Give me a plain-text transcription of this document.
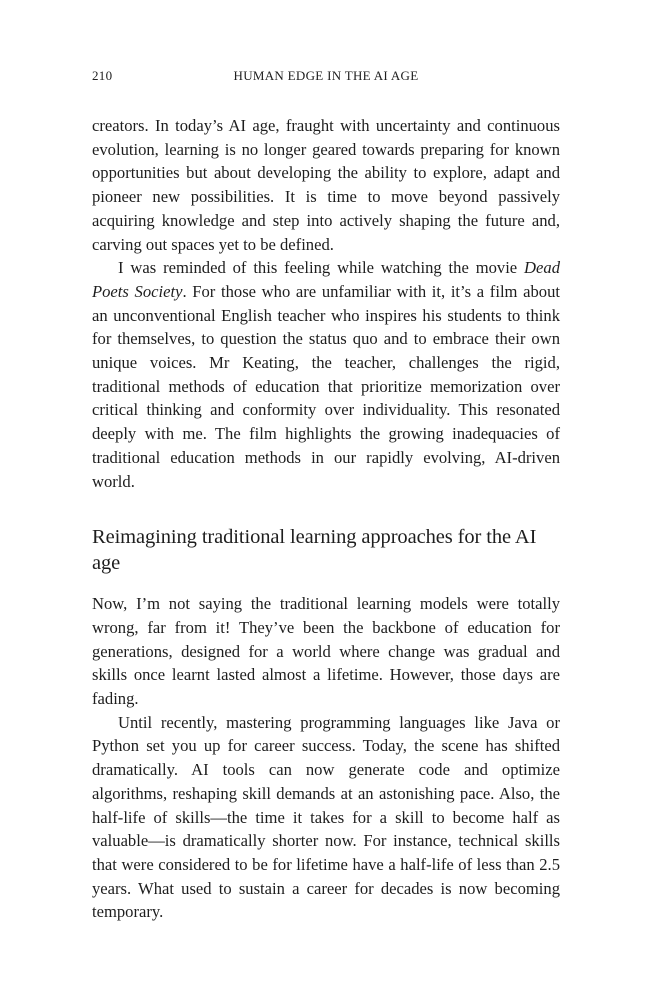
210	HUMAN EDGE IN THE AI AGE

creators. In today’s AI age, fraught with uncertainty and continuous evolution, learning is no longer geared towards preparing for known opportunities but about developing the ability to explore, adapt and pioneer new possibilities. It is time to move beyond passively acquiring knowledge and step into actively shaping the future and, carving out spaces yet to be defined.

I was reminded of this feeling while watching the movie Dead Poets Society. For those who are unfamiliar with it, it’s a film about an unconventional English teacher who inspires his students to think for themselves, to question the status quo and to embrace their own unique voices. Mr Keating, the teacher, challenges the rigid, traditional methods of education that prioritize memorization over critical thinking and conformity over individuality. This resonated deeply with me. The film highlights the growing inadequacies of traditional education methods in our rapidly evolving, AI-driven world.

Reimagining traditional learning approaches for the AI age

Now, I’m not saying the traditional learning models were totally wrong, far from it! They’ve been the backbone of education for generations, designed for a world where change was gradual and skills once learnt lasted almost a lifetime. However, those days are fading.

Until recently, mastering programming languages like Java or Python set you up for career success. Today, the scene has shifted dramatically. AI tools can now generate code and optimize algorithms, reshaping skill demands at an astonishing pace. Also, the half-life of skills—the time it takes for a skill to become half as valuable—is dramatically shorter now. For instance, technical skills that were considered to be for lifetime have a half-life of less than 2.5 years. What used to sustain a career for decades is now becoming temporary.
